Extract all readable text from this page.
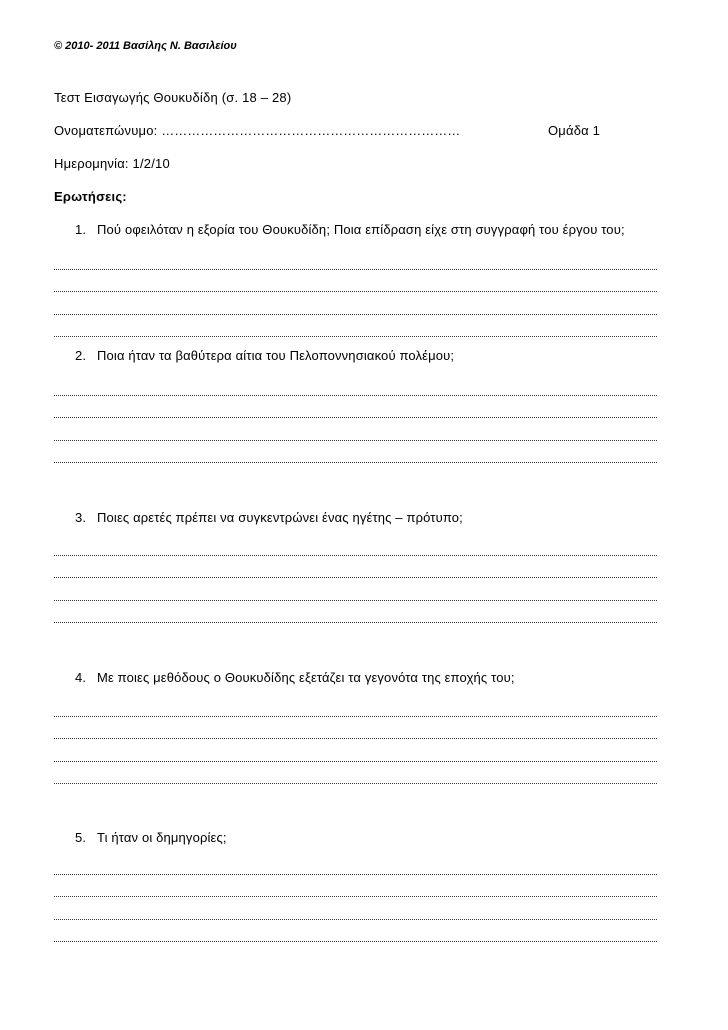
© 2010- 2011 Βασίλης Ν. Βασιλείου
Τεστ Εισαγωγής Θουκυδίδη (σ. 18 – 28)
Ονοματεπώνυμο: ……………………………………………………………	Ομάδα 1
Ημερομηνία: 1/2/10
Ερωτήσεις:
1. Πού οφειλόταν η εξορία του Θουκυδίδη; Ποια επίδραση είχε στη συγγραφή του έργου του;
2. Ποια ήταν τα βαθύτερα αίτια του Πελοποννησιακού πολέμου;
3. Ποιες αρετές πρέπει να συγκεντρώνει ένας ηγέτης – πρότυπο;
4. Με ποιες μεθόδους ο Θουκυδίδης εξετάζει τα γεγονότα της εποχής του;
5. Τι ήταν οι δημηγορίες;
